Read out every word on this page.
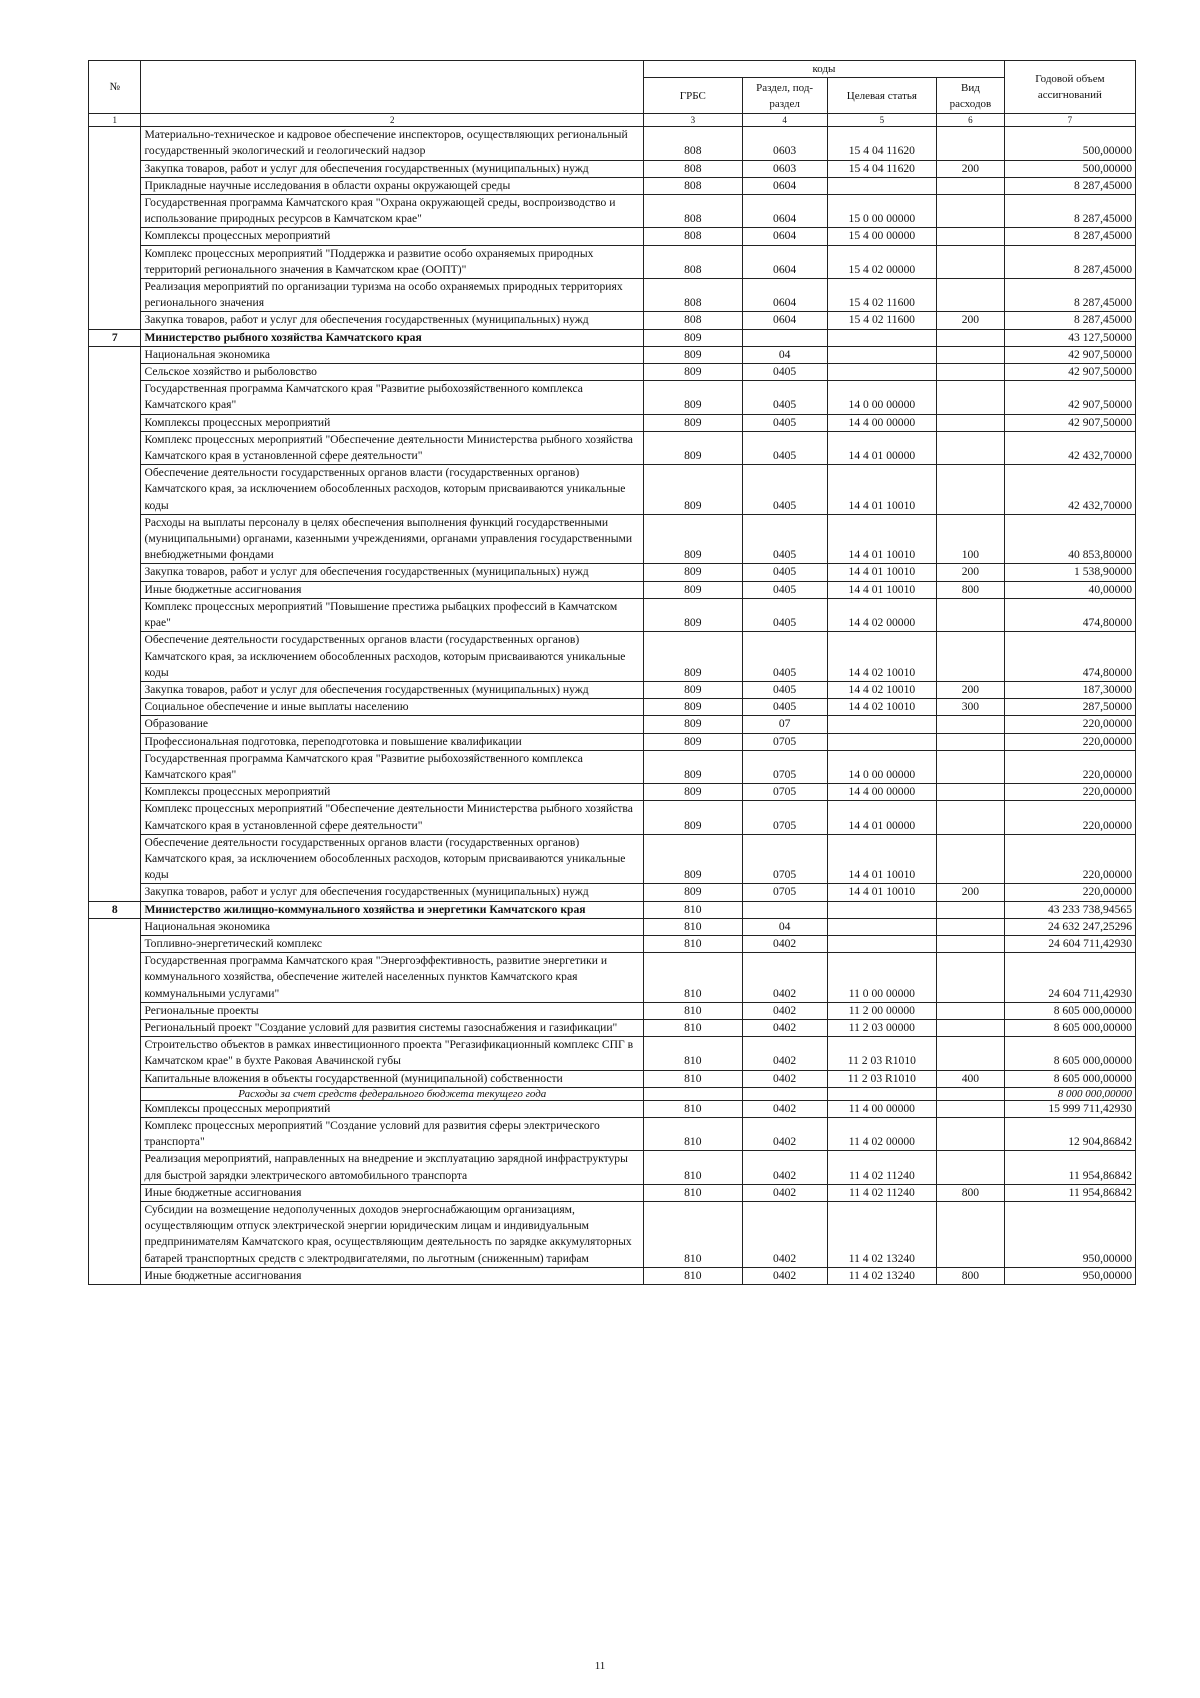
№		коды				Годовой объем ассигнований
		ГРБС	Раздел, под-раздел	Целевая статья	Вид расходов	
1	2	3	4	5	6	7
	Материально-техническое и кадровое обеспечение инспекторов, осуществляющих региональный государственный экологический и геологический надзор	808	0603	15 4 04 11620		500,00000
	Закупка товаров, работ и услуг для обеспечения государственных (муниципальных) нужд	808	0603	15 4 04 11620	200	500,00000
	Прикладные научные исследования в области охраны окружающей среды	808	0604			8 287,45000
	Государственная программа Камчатского края "Охрана окружающей среды, воспроизводство и использование природных ресурсов в Камчатском крае"	808	0604	15 0 00 00000		8 287,45000
	Комплексы процессных мероприятий	808	0604	15 4 00 00000		8 287,45000
	Комплекс процессных мероприятий "Поддержка и развитие особо охраняемых природных территорий регионального значения в Камчатском крае (ООПТ)"	808	0604	15 4 02 00000		8 287,45000
	Реализация мероприятий по организации туризма на особо охраняемых природных территориях регионального значения	808	0604	15 4 02 11600		8 287,45000
	Закупка товаров, работ и услуг для обеспечения государственных (муниципальных) нужд	808	0604	15 4 02 11600	200	8 287,45000
7	Министерство рыбного хозяйства Камчатского края	809				43 127,50000
	Национальная экономика	809	04			42 907,50000
	Сельское хозяйство и рыболовство	809	0405			42 907,50000
	Государственная программа Камчатского края "Развитие рыбохозяйственного комплекса Камчатского края"	809	0405	14 0 00 00000		42 907,50000
	Комплексы процессных мероприятий	809	0405	14 4 00 00000		42 907,50000
	Комплекс процессных мероприятий "Обеспечение деятельности Министерства рыбного хозяйства Камчатского края в установленной сфере деятельности"	809	0405	14 4 01 00000		42 432,70000
	Обеспечение деятельности государственных органов власти (государственных органов) Камчатского края, за исключением обособленных расходов, которым присваиваются уникальные коды	809	0405	14 4 01 10010		42 432,70000
	Расходы на выплаты персоналу в целях обеспечения выполнения функций государственными (муниципальными) органами, казенными учреждениями, органами управления государственными внебюджетными фондами	809	0405	14 4 01 10010	100	40 853,80000
	Закупка товаров, работ и услуг для обеспечения государственных (муниципальных) нужд	809	0405	14 4 01 10010	200	1 538,90000
	Иные бюджетные ассигнования	809	0405	14 4 01 10010	800	40,00000
	Комплекс процессных мероприятий "Повышение престижа рыбацких профессий в Камчатском крае"	809	0405	14 4 02 00000		474,80000
	Обеспечение деятельности государственных органов власти (государственных органов) Камчатского края, за исключением обособленных расходов, которым присваиваются уникальные коды	809	0405	14 4 02 10010		474,80000
	Закупка товаров, работ и услуг для обеспечения государственных (муниципальных) нужд	809	0405	14 4 02 10010	200	187,30000
	Социальное обеспечение и иные выплаты населению	809	0405	14 4 02 10010	300	287,50000
	Образование	809	07			220,00000
	Профессиональная подготовка, переподготовка и повышение квалификации	809	0705			220,00000
	Государственная программа Камчатского края "Развитие рыбохозяйственного комплекса Камчатского края"	809	0705	14 0 00 00000		220,00000
	Комплексы процессных мероприятий	809	0705	14 4 00 00000		220,00000
	Комплекс процессных мероприятий "Обеспечение деятельности Министерства рыбного хозяйства Камчатского края в установленной сфере деятельности"	809	0705	14 4 01 00000		220,00000
	Обеспечение деятельности государственных органов власти (государственных органов) Камчатского края, за исключением обособленных расходов, которым присваиваются уникальные коды	809	0705	14 4 01 10010		220,00000
	Закупка товаров, работ и услуг для обеспечения государственных (муниципальных) нужд	809	0705	14 4 01 10010	200	220,00000
8	Министерство жилищно-коммунального хозяйства и энергетики Камчатского края	810				43 233 738,94565
	Национальная экономика	810	04			24 632 247,25296
	Топливно-энергетический комплекс	810	0402			24 604 711,42930
	Государственная программа Камчатского края "Энергоэффективность, развитие энергетики и коммунального хозяйства, обеспечение жителей населенных пунктов Камчатского края коммунальными услугами"	810	0402	11 0 00 00000		24 604 711,42930
	Региональные проекты	810	0402	11 2 00 00000		8 605 000,00000
	Региональный проект "Создание условий для развития системы газоснабжения и газификации"	810	0402	11 2 03 00000		8 605 000,00000
	Строительство объектов в рамках инвестиционного проекта "Регазификационный комплекс СПГ в Камчатском крае" в бухте Раковая Авачинской губы	810	0402	11 2 03 R1010		8 605 000,00000
	Капитальные вложения в объекты государственной (муниципальной) собственности	810	0402	11 2 03 R1010	400	8 605 000,00000
	Расходы за счет средств федерального бюджета текущего года					8 000 000,00000
	Комплексы процессных мероприятий	810	0402	11 4 00 00000		15 999 711,42930
	Комплекс процессных мероприятий "Создание условий для развития сферы электрического транспорта"	810	0402	11 4 02 00000		12 904,86842
	Реализация мероприятий, направленных на внедрение и эксплуатацию зарядной инфраструктуры для быстрой зарядки электрического автомобильного транспорта	810	0402	11 4 02 11240		11 954,86842
	Иные бюджетные ассигнования	810	0402	11 4 02 11240	800	11 954,86842
	Субсидии на возмещение недополученных доходов энергоснабжающим организациям, осуществляющим отпуск электрической энергии юридическим лицам и индивидуальным предпринимателям Камчатского края, осуществляющим деятельность по зарядке аккумуляторных батарей транспортных средств с электродвигателями, по льготным (сниженным) тарифам	810	0402	11 4 02 13240		950,00000
	Иные бюджетные ассигнования	810	0402	11 4 02 13240	800	950,00000
11
